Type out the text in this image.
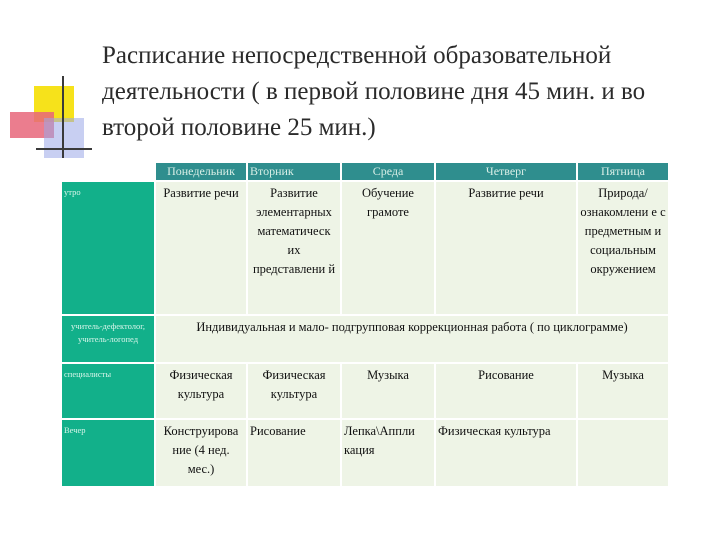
Расписание непосредственной образовательной деятельности ( в первой половине дня 45 мин. и во второй половине 25 мин.)
	Понедельник	Вторник	Среда	Четверг	Пятница
утро	Развитие речи	Развитие элементарных математическ их представлени й	Обучение грамоте	Развитие речи	Природа/ ознакомлени е с предметным и социальным окружением
учитель-дефектолог, учитель-логопед	Индивидуальная и мало- подгрупповая коррекционная работа ( по циклограмме)				
специалисты	Физическая культура	Физическая культура	Музыка	Рисование	Музыка
Вечер	Конструирова ние (4 нед. мес.)	Рисование	Лепка\Аппли кация	Физическая культура	
